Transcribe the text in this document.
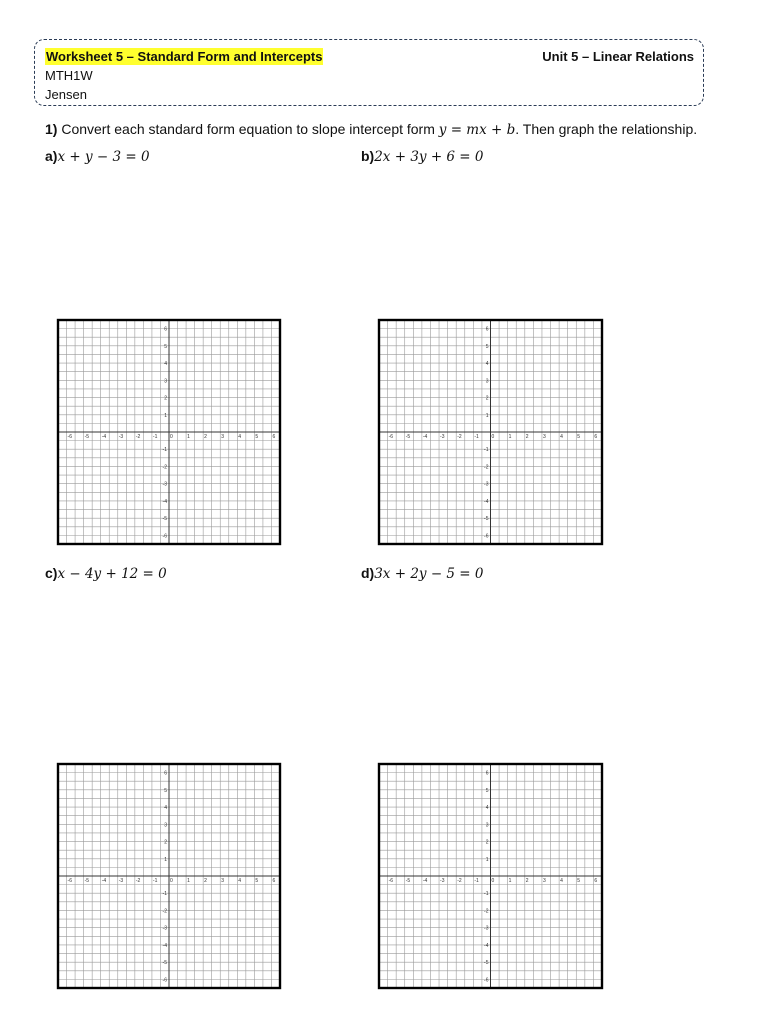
Worksheet 5 – Standard Form and Intercepts	Unit 5 – Linear Relations
MTH1W
Jensen
1) Convert each standard form equation to slope intercept form y = mx + b. Then graph the relationship.
a)x + y − 3 = 0	b)2x + 3y + 6 = 0
c)x − 4y + 12 = 0	d)3x + 2y − 5 = 0
-6	-5	-4	-3	-2	-1	0	1	2	3	4	5	6
6
5
4
3
2
1
-1
-2
-3
-4
-5
-6
-6	-5	-4	-3	-2	-1	0	1	2	3	4	5	6
6
5
4
3
2
1
-1
-2
-3
-4
-5
-6
-6	-5	-4	-3	-2	-1	0	1	2	3	4	5	6
6
5
4
3
2
1
-1
-2
-3
-4
-5
-6
-6	-5	-4	-3	-2	-1	0	1	2	3	4	5	6
6
5
4
3
2
1
-1
-2
-3
-4
-5
-6
